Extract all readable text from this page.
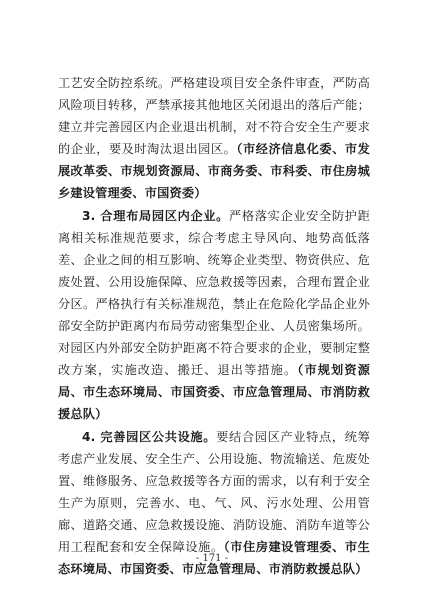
工艺安全防控系统。严格建设项目安全条件审查，严防高风险项目转移，严禁承接其他地区关闭退出的落后产能；建立并完善园区内企业退出机制，对不符合安全生产要求的企业，要及时淘汰退出园区。（市经济信息化委、市发展改革委、市规划资源局、市商务委、市科委、市住房城乡建设管理委、市国资委）

3. 合理布局园区内企业。严格落实企业安全防护距离相关标准规范要求，综合考虑主导风向、地势高低落差、企业之间的相互影响、统筹企业类型、物资供应、危废处置、公用设施保障、应急救援等因素，合理布置企业分区。严格执行有关标准规范，禁止在危险化学品企业外部安全防护距离内布局劳动密集型企业、人员密集场所。对园区内外部安全防护距离不符合要求的企业，要制定整改方案，实施改造、搬迁、退出等措施。（市规划资源局、市生态环境局、市国资委、市应急管理局、市消防救援总队）

4. 完善园区公共设施。要结合园区产业特点，统筹考虑产业发展、安全生产、公用设施、物流输送、危废处置、维修服务、应急救援等各方面的需求，以有利于安全生产为原则，完善水、电、气、风、污水处理、公用管廊、道路交通、应急救援设施、消防设施、消防车道等公用工程配套和安全保障设施。（市住房建设管理委、市生态环境局、市国资委、市应急管理局、市消防救援总队）

- 171 -
